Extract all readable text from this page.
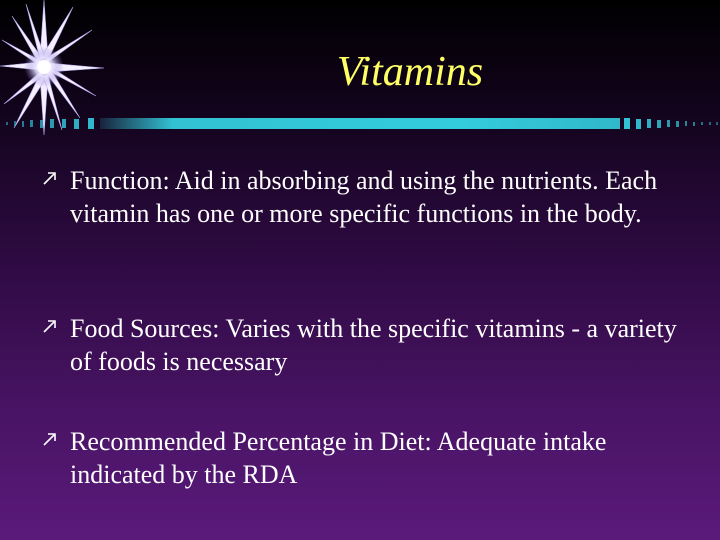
Vitamins
Function: Aid in absorbing and using the nutrients. Each vitamin has one or more specific functions in the body.
Food Sources: Varies with the specific vitamins - a variety of foods is necessary
Recommended Percentage in Diet: Adequate intake indicated by the RDA
